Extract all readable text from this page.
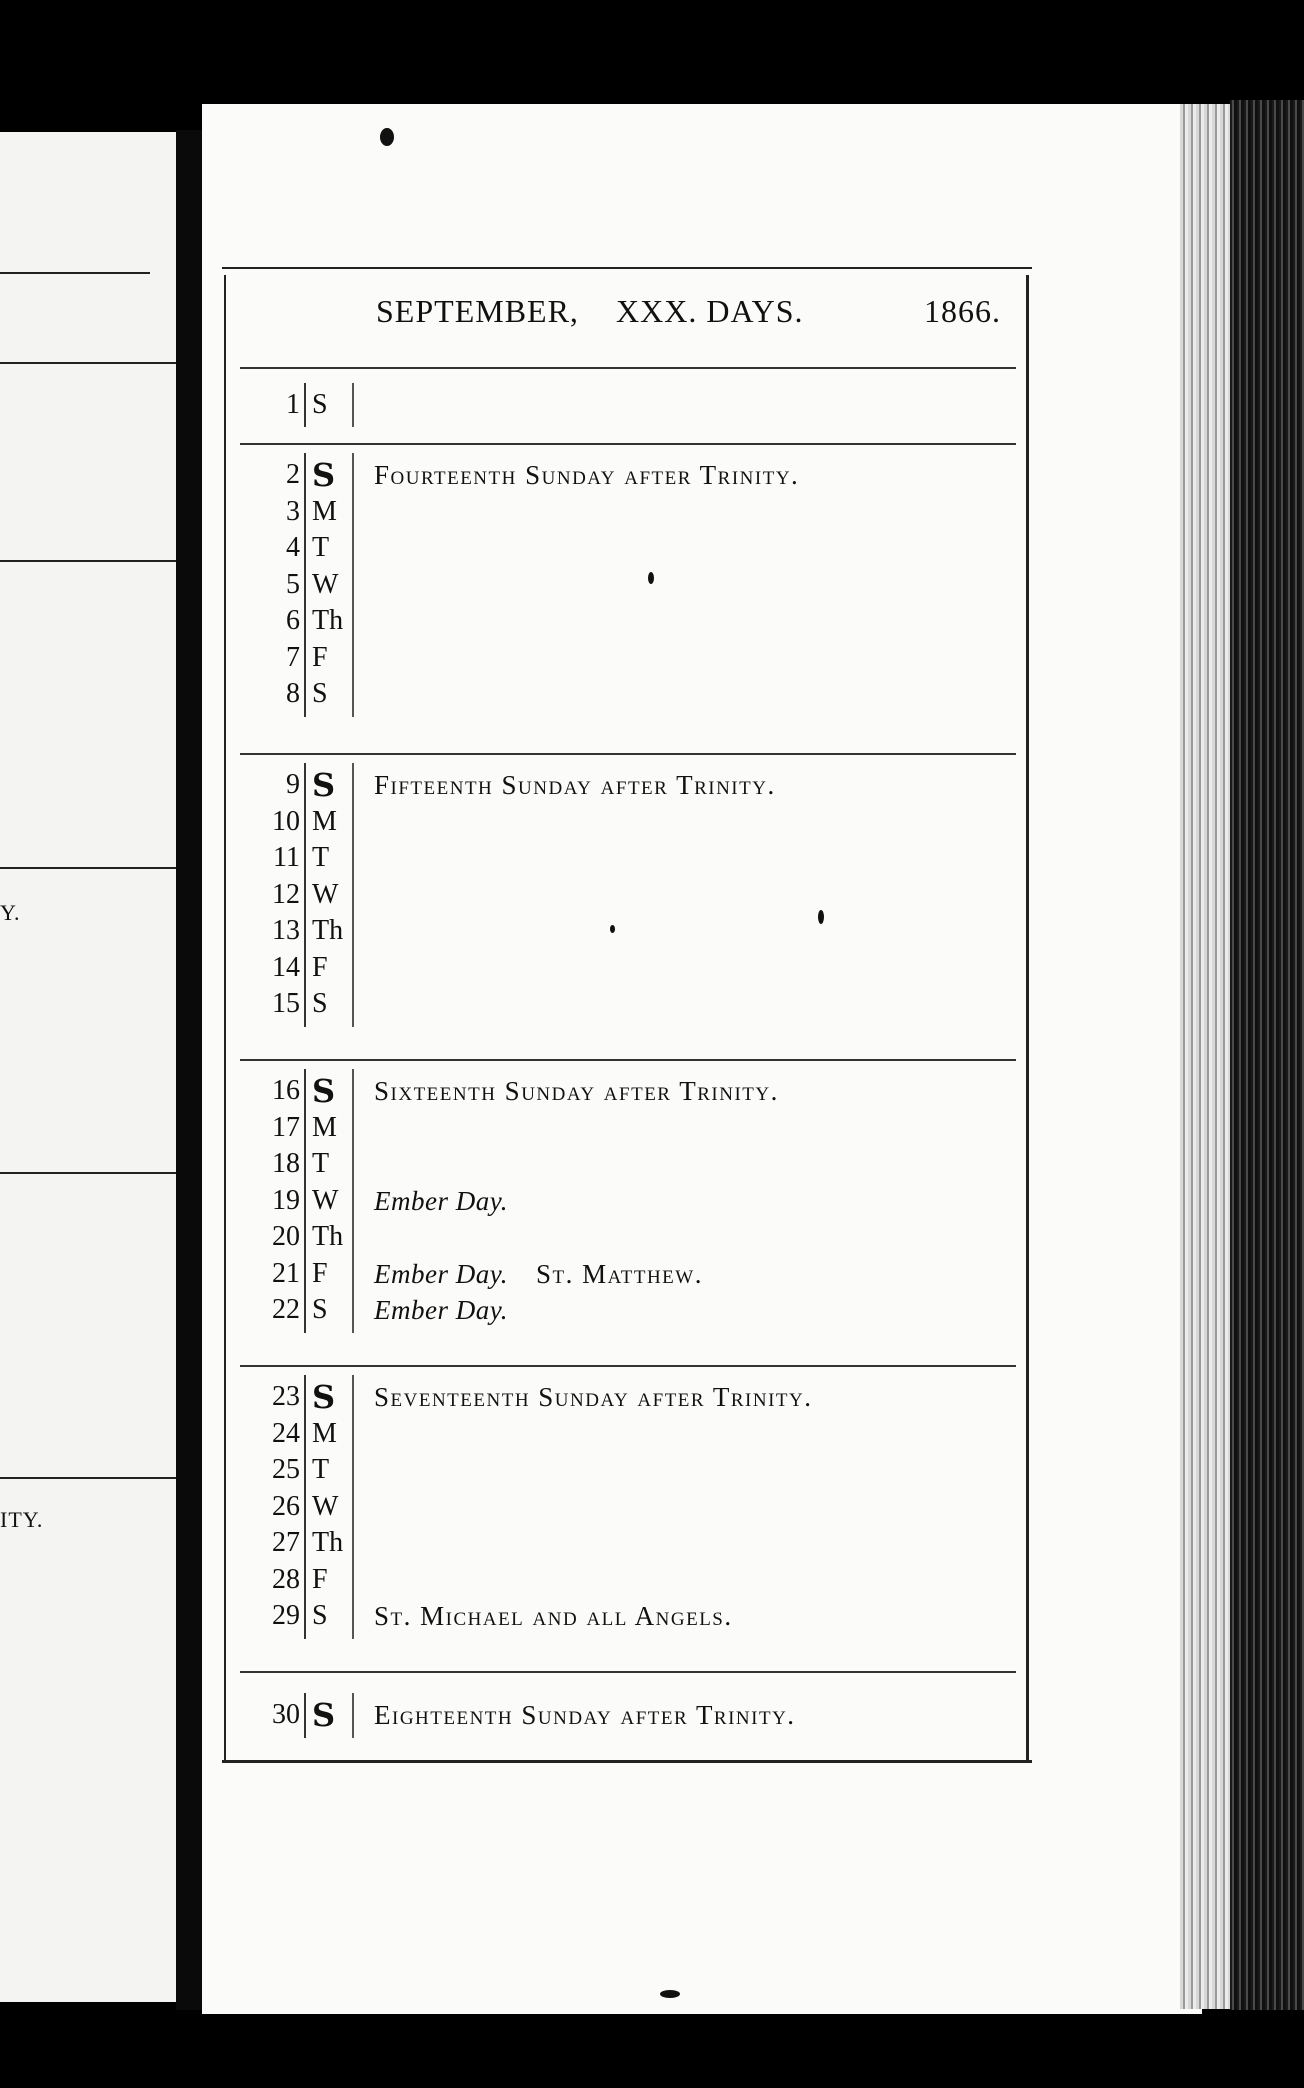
Y.
ITY.
SEPTEMBER, XXX. DAYS.	1866.
1 S
2 S Fourteenth Sunday after Trinity.
3 M
4 T
5 W
6 Th
7 F
8 S
9 S Fifteenth Sunday after Trinity.
10 M
11 T
12 W
13 Th
14 F
15 S
16 S Sixteenth Sunday after Trinity.
17 M
18 T
19 W Ember Day.
20 Th
21 F Ember Day. St. Matthew.
22 S Ember Day.
23 S Seventeenth Sunday after Trinity.
24 M
25 T
26 W
27 Th
28 F
29 S St. Michael and all Angels.
30 S Eighteenth Sunday after Trinity.
